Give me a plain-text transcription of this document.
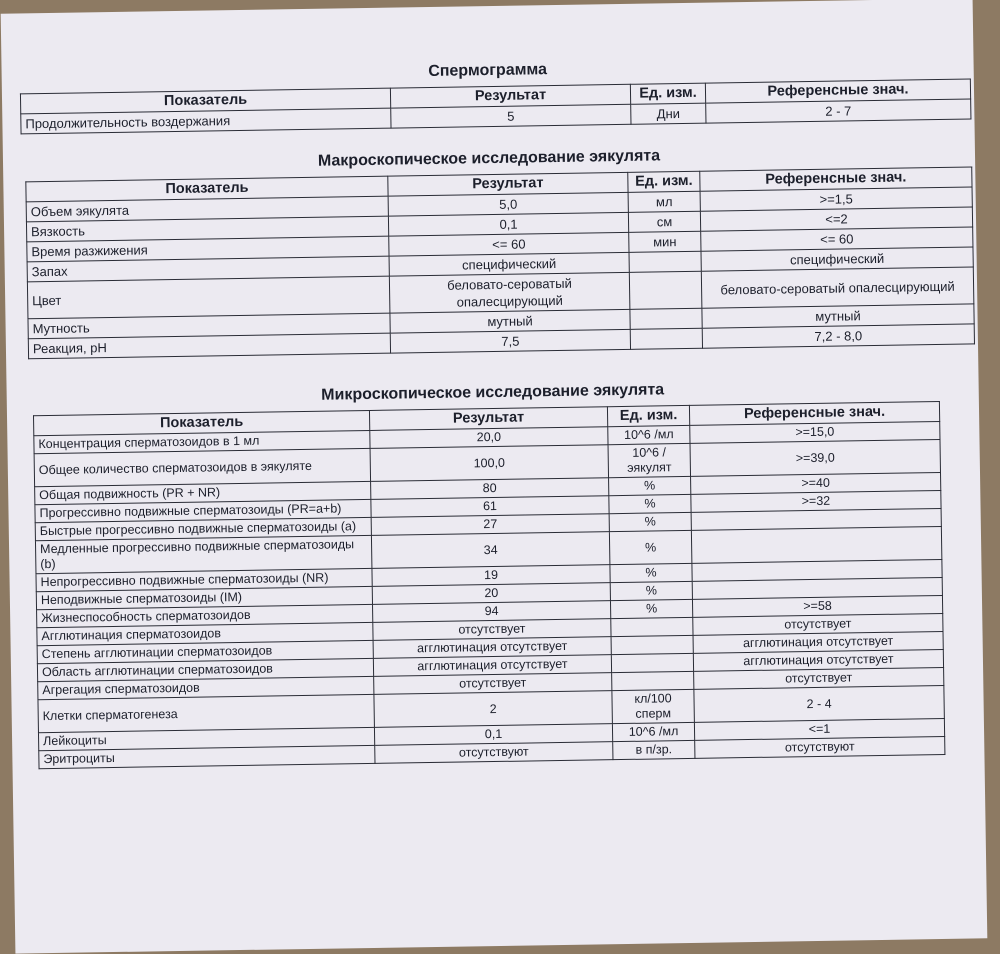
Спермограмма
Показатель	Результат	Ед. изм.	Референсные знач.
Продолжительность воздержания	5	Дни	2 - 7
Макроскопическое исследование эякулята
Показатель	Результат	Ед. изм.	Референсные знач.
Объем эякулята	5,0	мл	>=1,5
Вязкость	0,1	см	<=2
Время разжижения	<= 60	мин	<= 60
Запах	специфический		специфический
Цвет	беловато-сероватый опалесцирующий		беловато-сероватый опалесцирующий
Мутность	мутный		мутный
Реакция, pH	7,5		7,2 - 8,0
Микроскопическое исследование эякулята
Показатель	Результат	Ед. изм.	Референсные знач.
Концентрация сперматозоидов в 1 мл	20,0	10^6 /мл	>=15,0
Общее количество сперматозоидов в эякуляте	100,0	10^6 /эякулят	>=39,0
Общая подвижность (PR + NR)	80	%	>=40
Прогрессивно подвижные сперматозоиды (PR=a+b)	61	%	>=32
Быстрые прогрессивно подвижные сперматозоиды (a)	27	%	
Медленные прогрессивно подвижные сперматозоиды (b)	34	%	
Непрогрессивно подвижные сперматозоиды (NR)	19	%	
Неподвижные сперматозоиды (IM)	20	%	
Жизнеспособность сперматозоидов	94	%	>=58
Агглютинация сперматозоидов	отсутствует		отсутствует
Степень агглютинации сперматозоидов	агглютинация отсутствует		агглютинация отсутствует
Область агглютинации сперматозоидов	агглютинация отсутствует		агглютинация отсутствует
Агрегация сперматозоидов	отсутствует		отсутствует
Клетки сперматогенеза	2	кл/100 сперм	2 - 4
Лейкоциты	0,1	10^6 /мл	<=1
Эритроциты	отсутствуют	в п/зр.	отсутствуют
